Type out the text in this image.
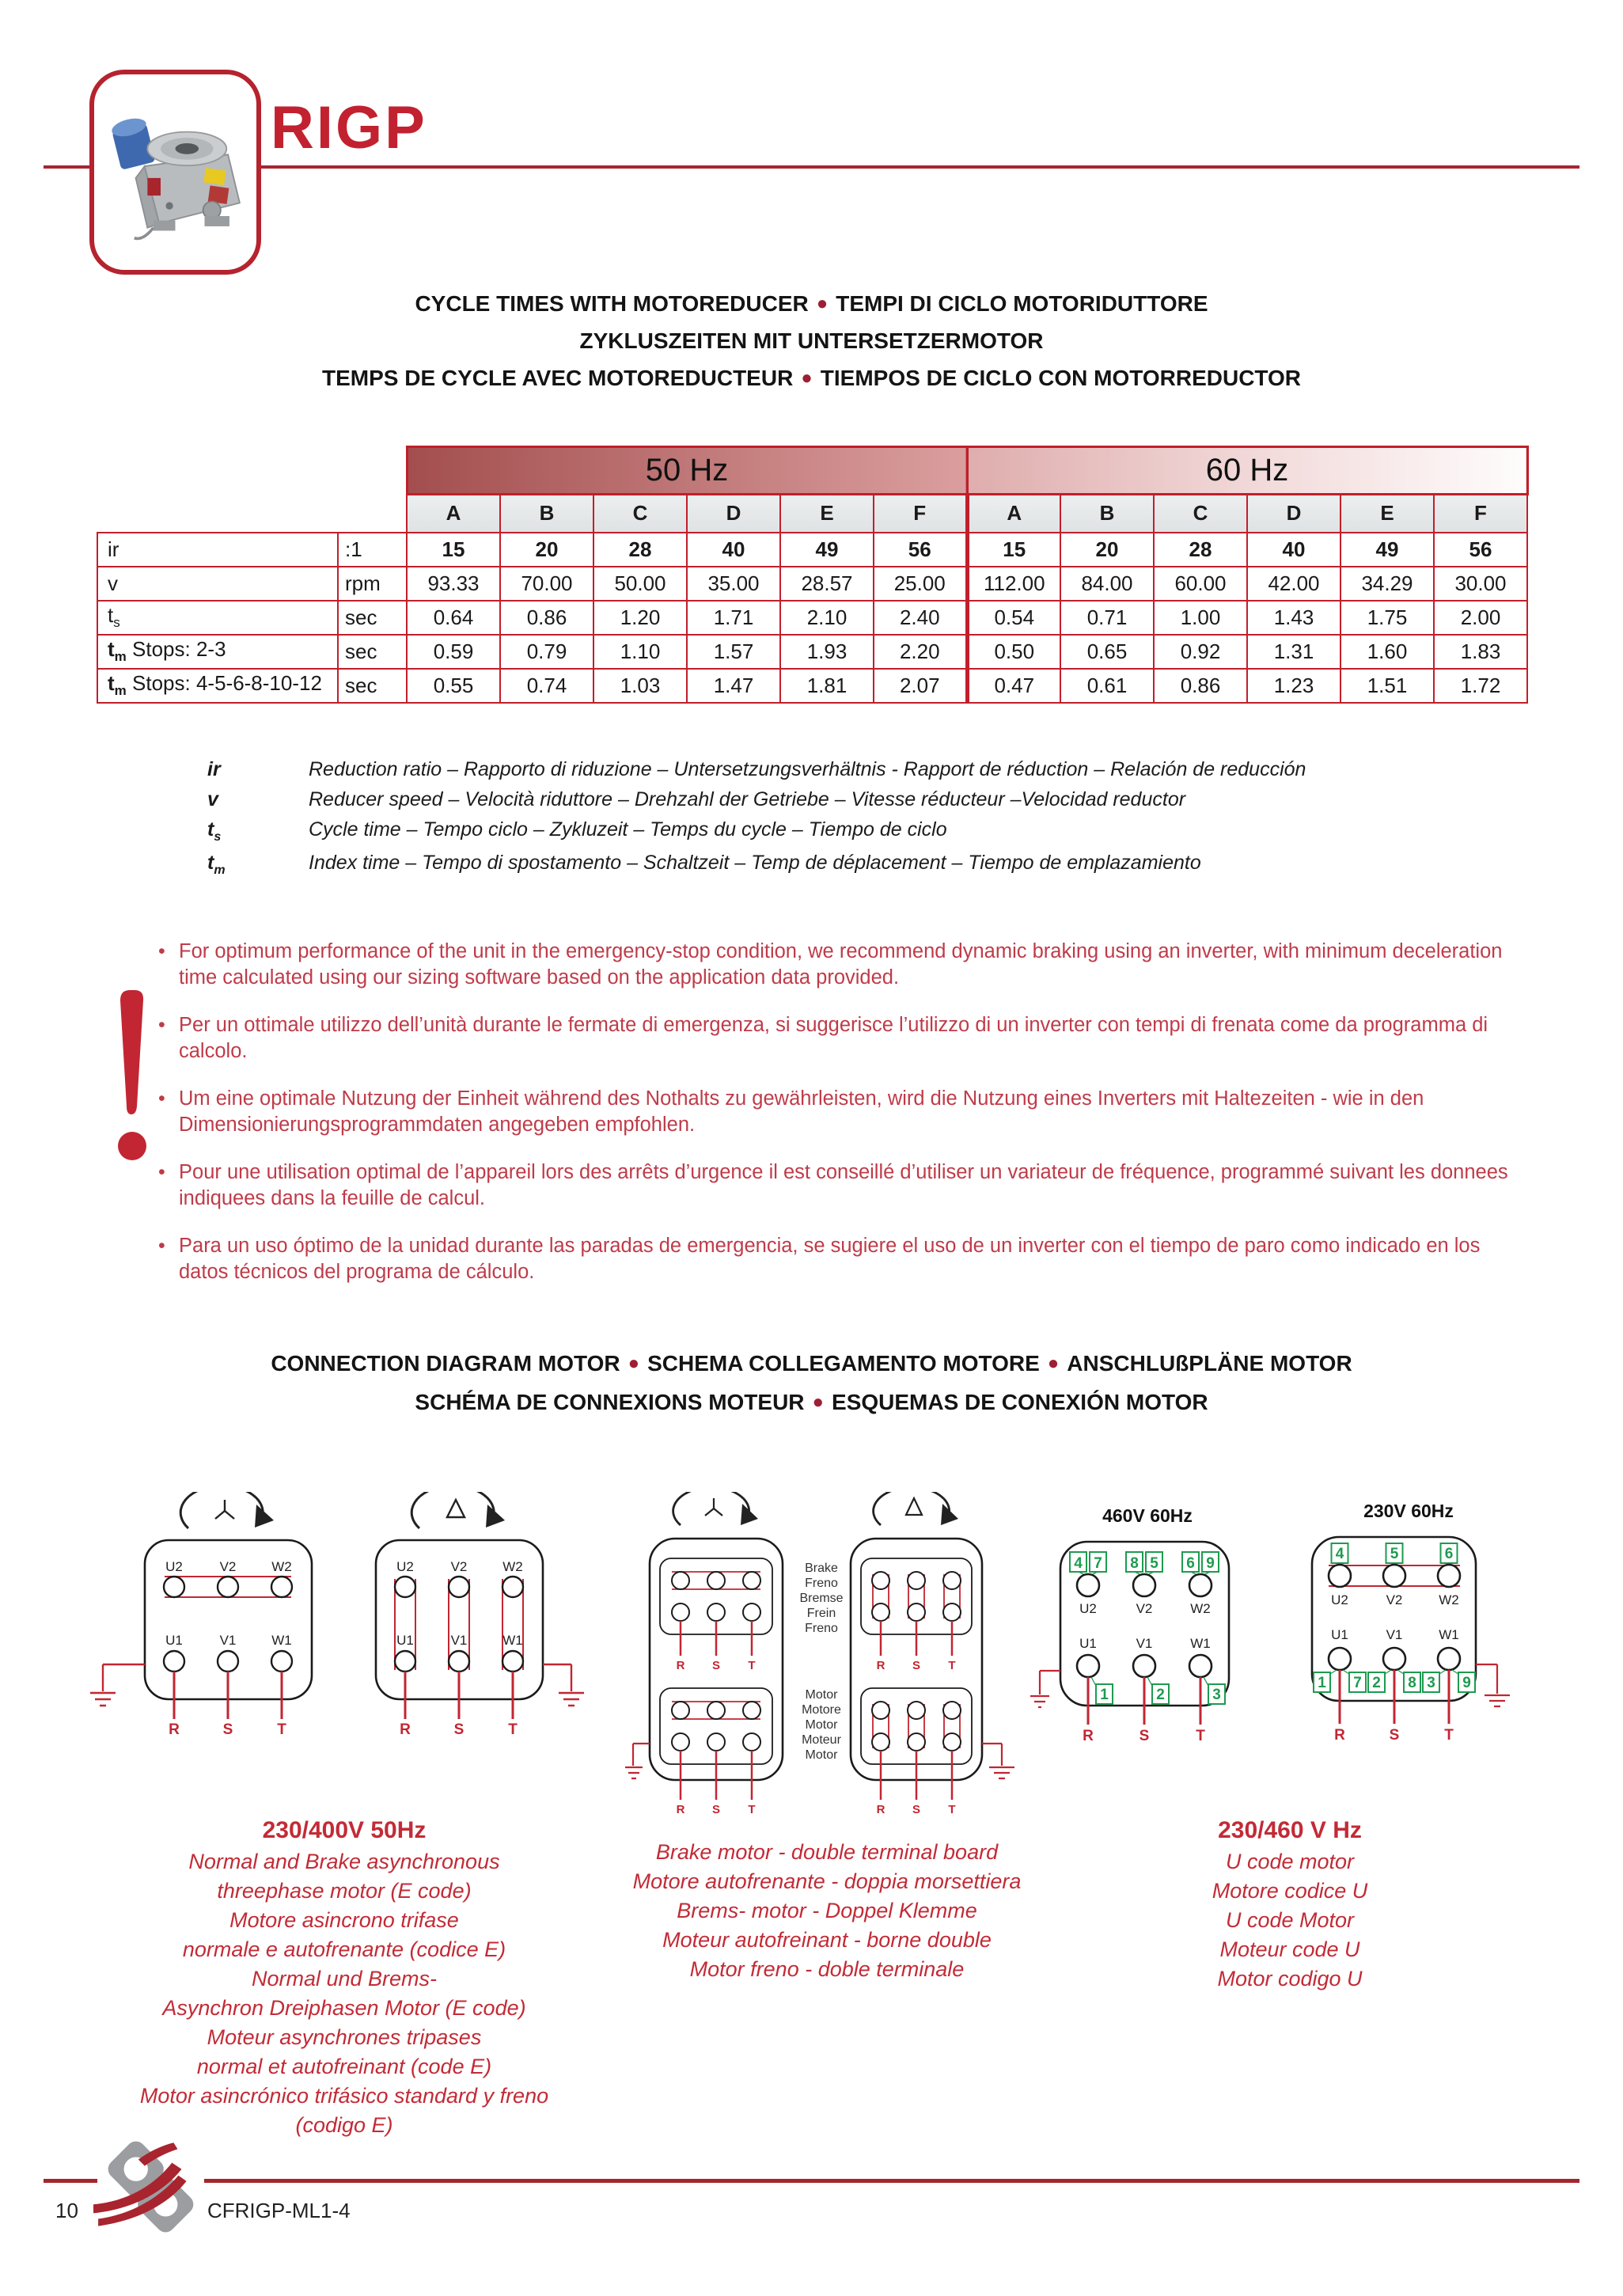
RIGP
CYCLE TIMES WITH MOTOREDUCER ● TEMPI DI CICLO MOTORIDUTTORE
ZYKLUSZEITEN MIT UNTERSETZERMOTOR
TEMPS DE CYCLE AVEC MOTOREDUCTEUR ● TIEMPOS DE CICLO CON MOTORREDUCTOR
		50 Hz						60 Hz					
		A	B	C	D	E	F	A	B	C	D	E	F
ir	:1	15	20	28	40	49	56	15	20	28	40	49	56
v	rpm	93.33	70.00	50.00	35.00	28.57	25.00	112.00	84.00	60.00	42.00	34.29	30.00
$t_s$	sec	0.64	0.86	1.20	1.71	2.10	2.40	0.54	0.71	1.00	1.43	1.75	2.00
$t_m$ Stops: 2-3	sec	0.59	0.79	1.10	1.57	1.93	2.20	0.50	0.65	0.92	1.31	1.60	1.83
$t_m$ Stops: 4-5-6-8-10-12	sec	0.55	0.74	1.03	1.47	1.81	2.07	0.47	0.61	0.86	1.23	1.51	1.72
ir	Reduction ratio – Rapporto di riduzione – Untersetzungsverhältnis - Rapport de réduction – Relación de reducción
v	Reducer speed – Velocità riduttore – Drehzahl der Getriebe – Vitesse réducteur –Velocidad reductor
$t_s$	Cycle time – Tempo ciclo – Zykluzeit – Temps du cycle – Tiempo de ciclo
$t_m$	Index time – Tempo di spostamento – Schaltzeit – Temp de déplacement – Tiempo de emplazamiento
• For optimum performance of the unit in the emergency-stop condition, we recommend dynamic braking using an inverter, with minimum deceleration time calculated using our sizing software based on the application data provided.
• Per un ottimale utilizzo dell’unità durante le fermate di emergenza, si suggerisce l’utilizzo di un inverter con tempi di frenata come da programma di calcolo.
• Um eine optimale Nutzung der Einheit während des Nothalts zu gewährleisten, wird die Nutzung eines Inverters mit Haltezeiten - wie in den Dimensionierungsprogrammdaten angegeben empfohlen.
• Pour une utilisation optimal de l’appareil lors des arrêts d’urgence il est conseillé d’utiliser un variateur de fréquence, programmé suivant les donnees indiquees dans la feuille de calcul.
• Para un uso óptimo de la unidad durante las paradas de emergencia, se sugiere el uso de un inverter con el tiempo de paro como indicado en los datos técnicos del programa de cálculo.
CONNECTION DIAGRAM MOTOR ● SCHEMA COLLEGAMENTO MOTORE ● ANSCHLUßPLÄNE MOTOR
SCHÉMA DE CONNEXIONS MOTEUR ● ESQUEMAS DE CONEXIÓN MOTOR
U2	V2	W2
U1	V1	W1
R	S	T
U2	V2	W2
U1	V1	W1
R	S	T
R S T
R S T
Brake
Freno
Bremse
Frein
Freno
Motor
Motore
Motor
Moteur
Motor
R S T
R S T
460V 60Hz
4 7 8 5 6 9
U2	V2	W2
U1	V1	W1
1	2	3
R	S	T
230V 60Hz
4	5	6
U2	V2	W2
U1	V1	W1
1 7 2 8 3 9
R	S	T
230/400V 50Hz
Normal and Brake asynchronous
threephase motor (E code)
Motore asincrono trifase
normale e autofrenante (codice E)
Normal und Brems-
Asynchron Dreiphasen Motor (E code)
Moteur asynchrones tripases
normal et autofreinant (code E)
Motor asincrónico trifásico standard y freno
(codigo E)
Brake motor - double terminal board
Motore autofrenante - doppia morsettiera
Brems- motor - Doppel Klemme
Moteur autofreinant - borne double
Motor freno - doble terminale
230/460 V Hz
U code motor
Motore codice U
U code Motor
Moteur code U
Motor codigo U
10	CFRIGP-ML1-4
